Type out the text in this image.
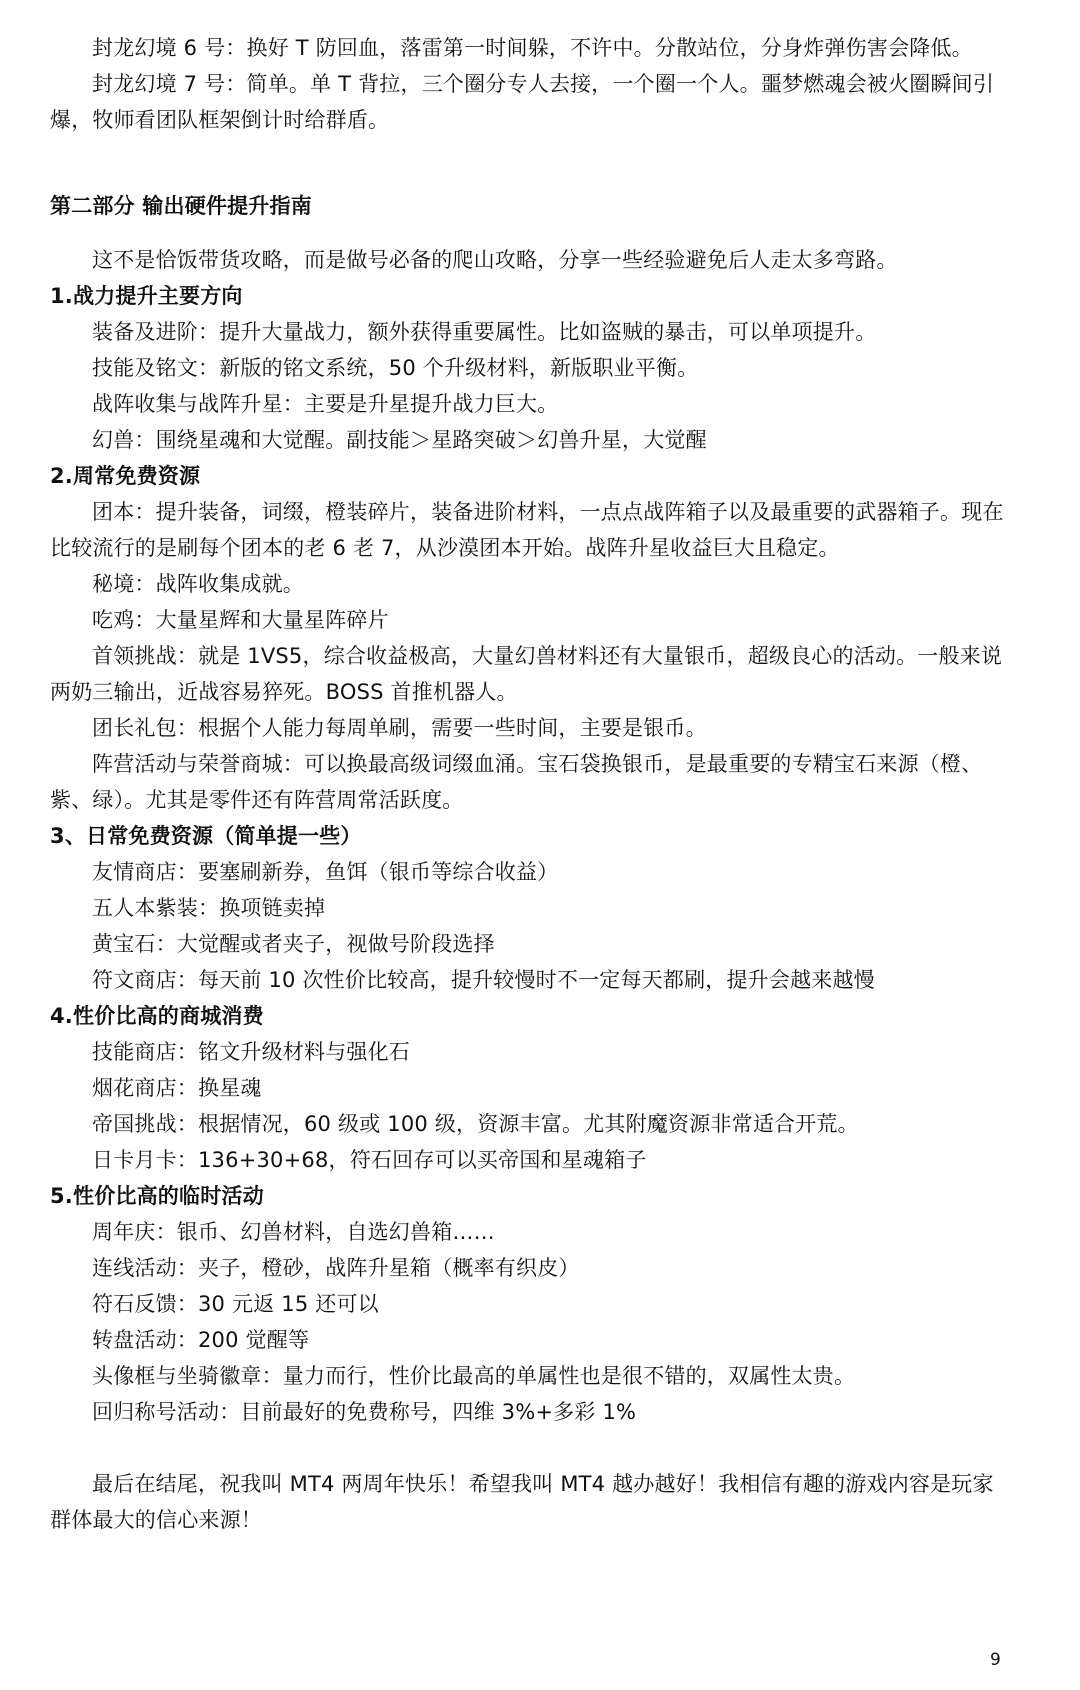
封龙幻境 6 号：换好 T 防回血，落雷第一时间躲，不许中。分散站位，分身炸弹伤害会降低。

封龙幻境 7 号：简单。单 T 背拉，三个圈分专人去接，一个圈一个人。噩梦燃魂会被火圈瞬间引爆，牧师看团队框架倒计时给群盾。

第二部分 输出硬件提升指南

这不是恰饭带货攻略，而是做号必备的爬山攻略，分享一些经验避免后人走太多弯路。

1.战力提升主要方向

装备及进阶：提升大量战力，额外获得重要属性。比如盗贼的暴击，可以单项提升。

技能及铭文：新版的铭文系统，50 个升级材料，新版职业平衡。

战阵收集与战阵升星：主要是升星提升战力巨大。

幻兽：围绕星魂和大觉醒。副技能＞星路突破＞幻兽升星，大觉醒

2.周常免费资源

团本：提升装备，词缀，橙装碎片，装备进阶材料，一点点战阵箱子以及最重要的武器箱子。现在比较流行的是刷每个团本的老 6 老 7，从沙漠团本开始。战阵升星收益巨大且稳定。

秘境：战阵收集成就。

吃鸡：大量星辉和大量星阵碎片

首领挑战：就是 1VS5，综合收益极高，大量幻兽材料还有大量银币，超级良心的活动。一般来说两奶三输出，近战容易猝死。BOSS 首推机器人。

团长礼包：根据个人能力每周单刷，需要一些时间，主要是银币。

阵营活动与荣誉商城：可以换最高级词缀血涌。宝石袋换银币，是最重要的专精宝石来源（橙、紫、绿）。尤其是零件还有阵营周常活跃度。

3、日常免费资源（简单提一些）

友情商店：要塞刷新券，鱼饵（银币等综合收益）

五人本紫装：换项链卖掉

黄宝石：大觉醒或者夹子，视做号阶段选择

符文商店：每天前 10 次性价比较高，提升较慢时不一定每天都刷，提升会越来越慢

4.性价比高的商城消费

技能商店：铭文升级材料与强化石

烟花商店：换星魂

帝国挑战：根据情况，60 级或 100 级，资源丰富。尤其附魔资源非常适合开荒。

日卡月卡：136+30+68，符石回存可以买帝国和星魂箱子

5.性价比高的临时活动

周年庆：银币、幻兽材料，自选幻兽箱……

连线活动：夹子，橙砂，战阵升星箱（概率有织皮）

符石反馈：30 元返 15 还可以

转盘活动：200 觉醒等

头像框与坐骑徽章：量力而行，性价比最高的单属性也是很不错的，双属性太贵。

回归称号活动：目前最好的免费称号，四维 3%+多彩 1%

最后在结尾，祝我叫 MT4 两周年快乐！希望我叫 MT4 越办越好！我相信有趣的游戏内容是玩家群体最大的信心来源！

9
